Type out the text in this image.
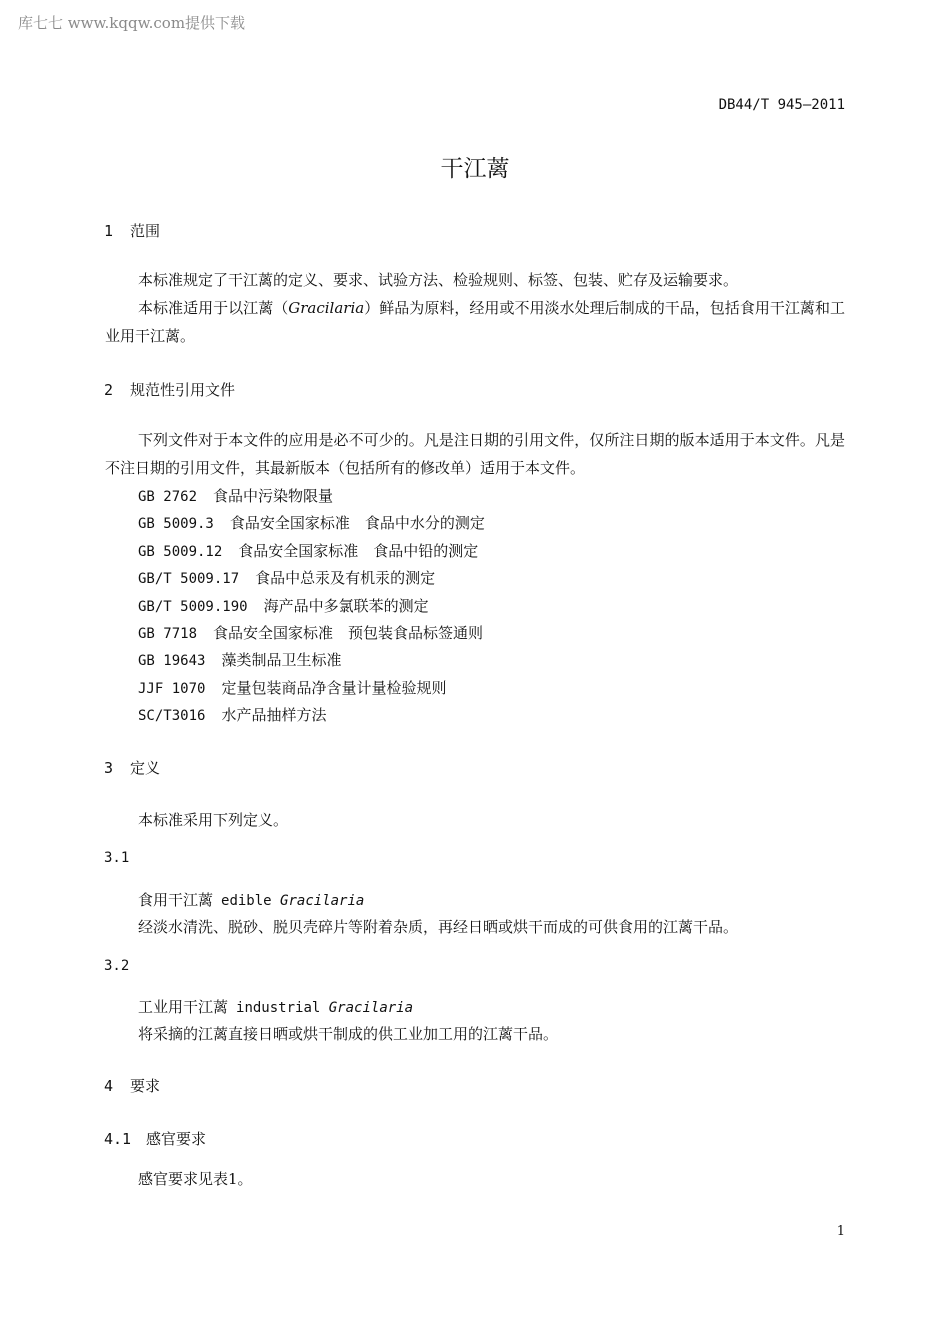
库七七 www.kqqw.com提供下载
DB44/T 945—2011
干江蓠
1 范围
本标准规定了干江蓠的定义、要求、试验方法、检验规则、标签、包装、贮存及运输要求。
本标准适用于以江蓠（Gracilaria）鲜品为原料，经用或不用淡水处理后制成的干品，包括食用干江蓠和工业用干江蓠。
2 规范性引用文件
下列文件对于本文件的应用是必不可少的。凡是注日期的引用文件，仅所注日期的版本适用于本文件。凡是不注日期的引用文件，其最新版本（包括所有的修改单）适用于本文件。
GB 2762 食品中污染物限量
GB 5009.3 食品安全国家标准　食品中水分的测定
GB 5009.12 食品安全国家标准　食品中铅的测定
GB/T 5009.17 食品中总汞及有机汞的测定
GB/T 5009.190 海产品中多氯联苯的测定
GB 7718 食品安全国家标准　预包装食品标签通则
GB 19643 藻类制品卫生标准
JJF 1070 定量包装商品净含量计量检验规则
SC/T3016 水产品抽样方法
3 定义
本标准采用下列定义。
3.1
食用干江蓠 edible Gracilaria
经淡水清洗、脱砂、脱贝壳碎片等附着杂质，再经日晒或烘干而成的可供食用的江蓠干品。
3.2
工业用干江蓠 industrial Gracilaria
将采摘的江蓠直接日晒或烘干制成的供工业加工用的江蓠干品。
4 要求
4.1 感官要求
感官要求见表1。
1
